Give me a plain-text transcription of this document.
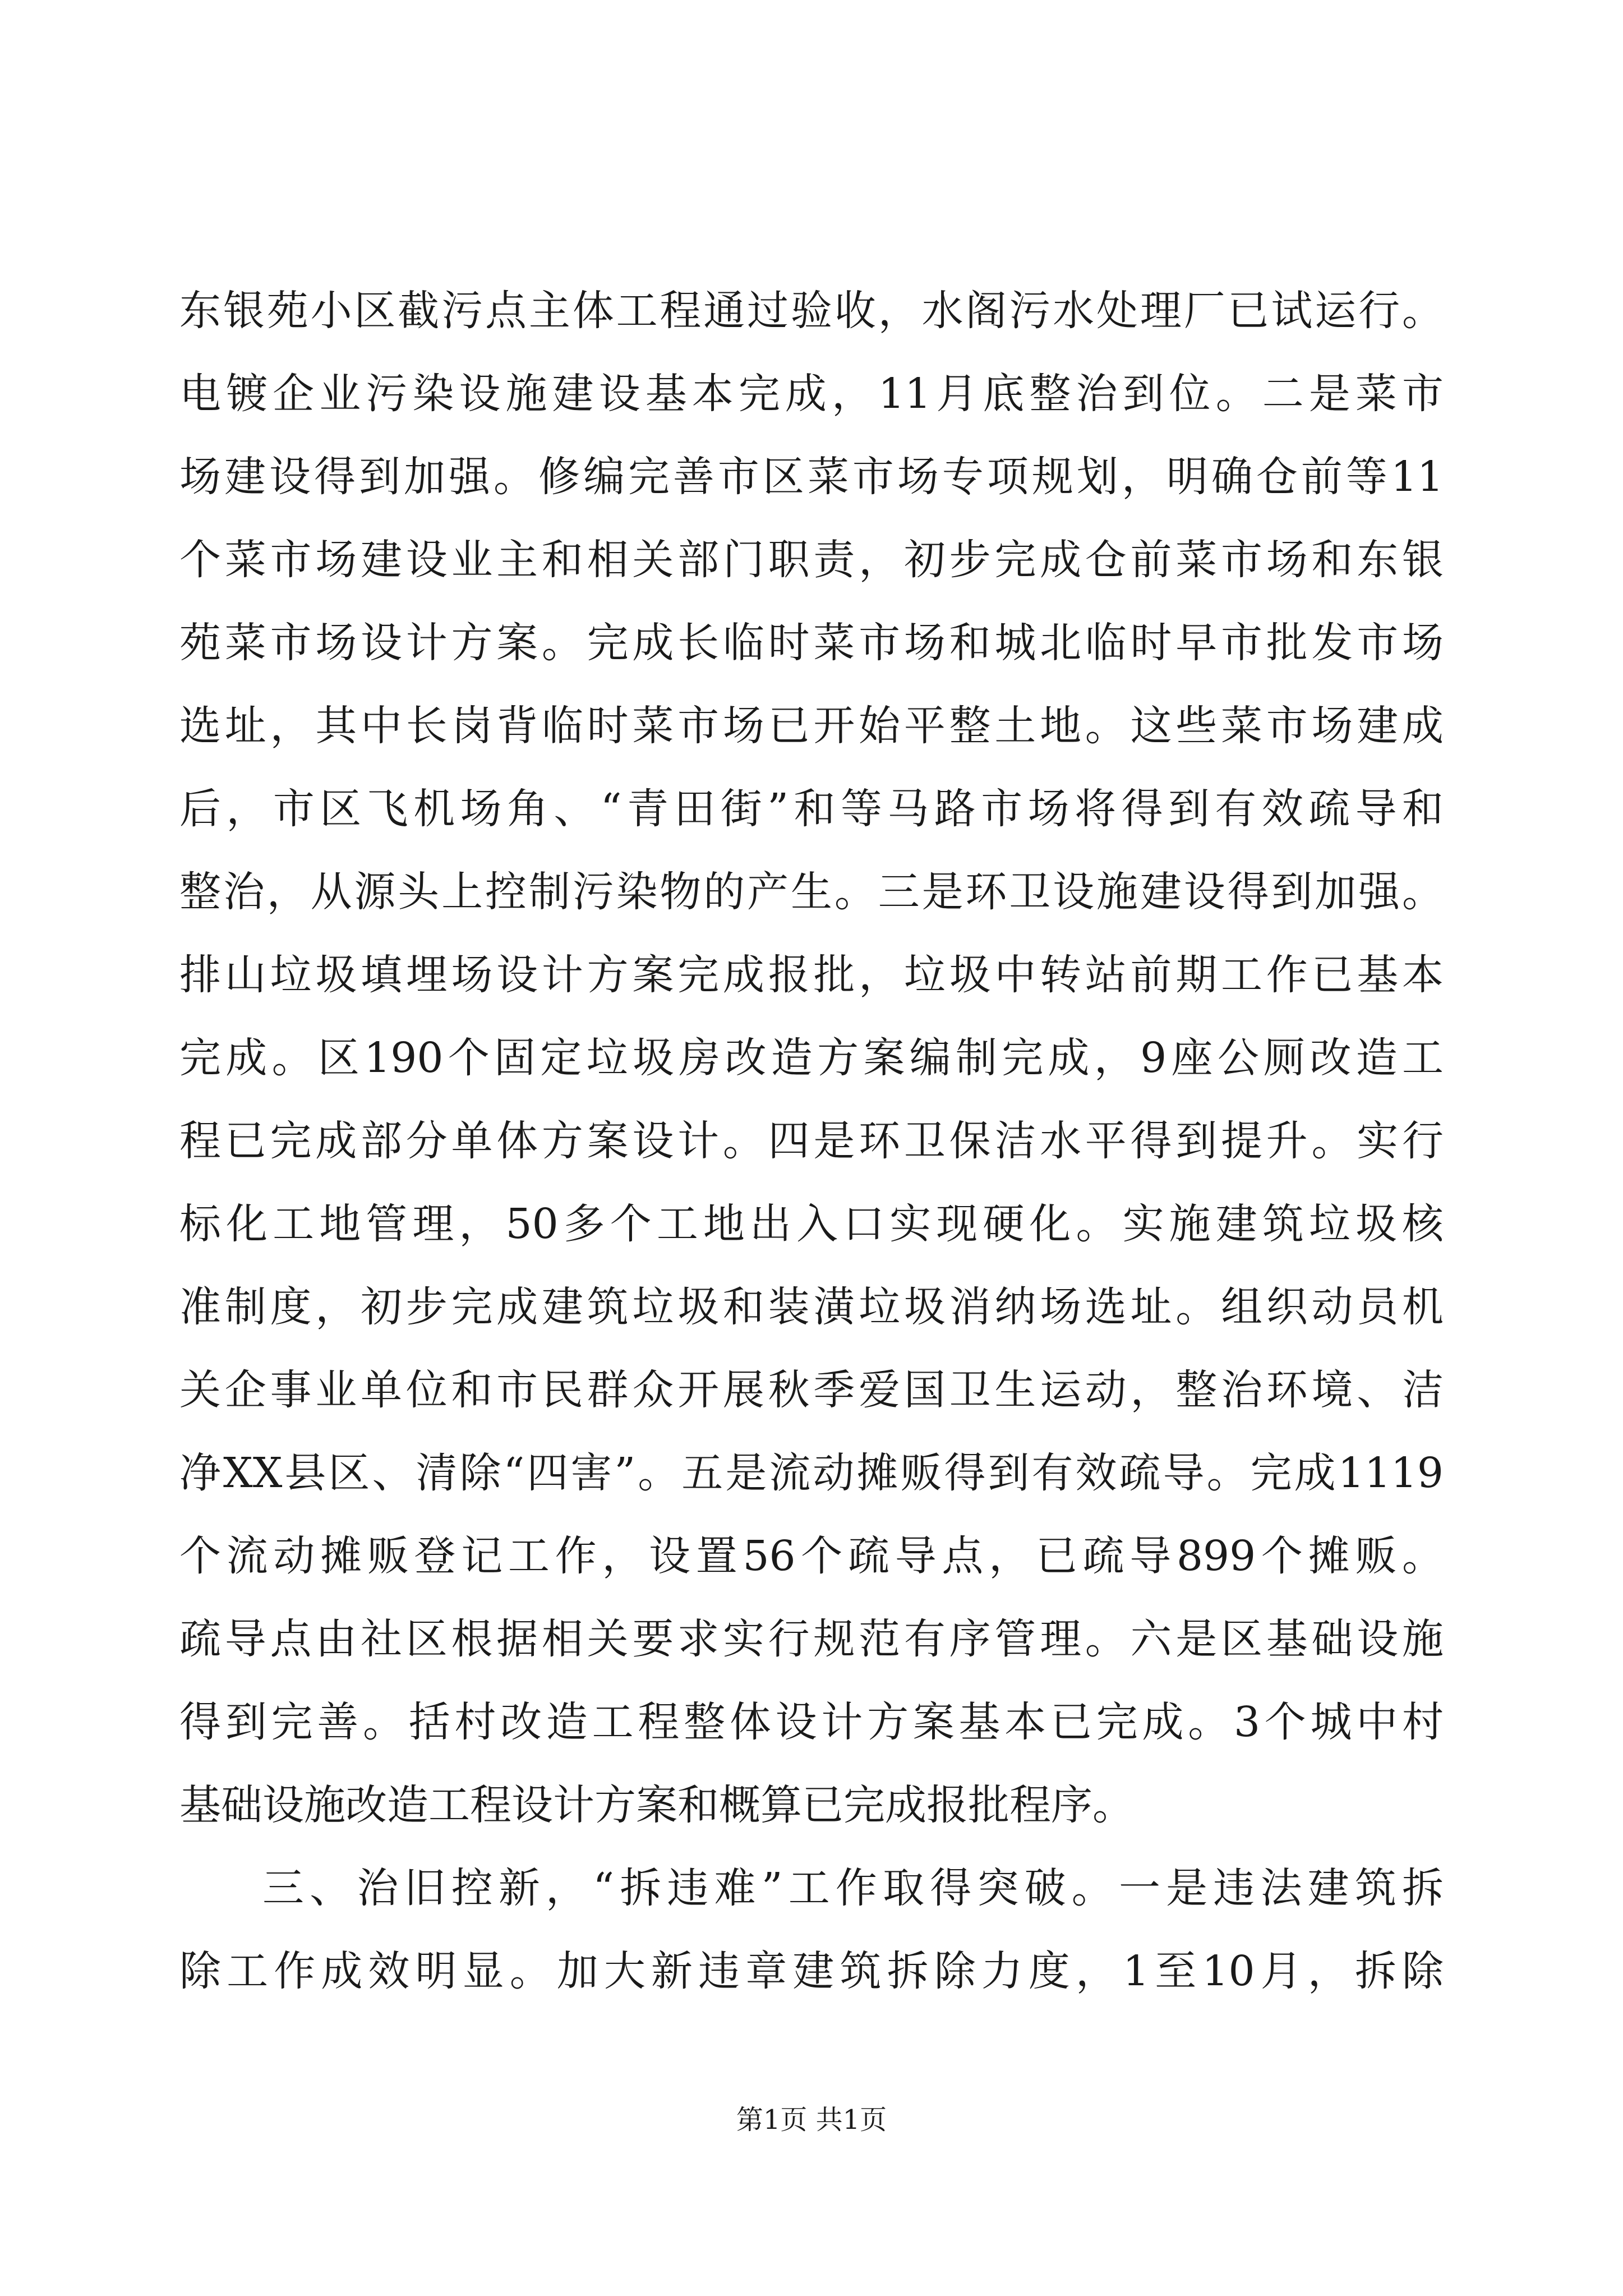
东银苑小区截污点主体工程通过验收，水阁污水处理厂已试运行。
电镀企业污染设施建设基本完成，11月底整治到位。二是菜市
场建设得到加强。修编完善市区菜市场专项规划，明确仓前等11
个菜市场建设业主和相关部门职责，初步完成仓前菜市场和东银
苑菜市场设计方案。完成长临时菜市场和城北临时早市批发市场
选址，其中长岗背临时菜市场已开始平整土地。这些菜市场建成
后，市区飞机场角、“青田街”和等马路市场将得到有效疏导和
整治，从源头上控制污染物的产生。三是环卫设施建设得到加强。
排山垃圾填埋场设计方案完成报批，垃圾中转站前期工作已基本
完成。区190个固定垃圾房改造方案编制完成，9座公厕改造工
程已完成部分单体方案设计。四是环卫保洁水平得到提升。实行
标化工地管理，50多个工地出入口实现硬化。实施建筑垃圾核
准制度，初步完成建筑垃圾和装潢垃圾消纳场选址。组织动员机
关企事业单位和市民群众开展秋季爱国卫生运动，整治环境、洁
净XX县区、清除“四害”。五是流动摊贩得到有效疏导。完成1119
个流动摊贩登记工作，设置56个疏导点，已疏导899个摊贩。
疏导点由社区根据相关要求实行规范有序管理。六是区基础设施
得到完善。括村改造工程整体设计方案基本已完成。3个城中村
基础设施改造工程设计方案和概算已完成报批程序。
三、治旧控新，“拆违难”工作取得突破。一是违法建筑拆
除工作成效明显。加大新违章建筑拆除力度，1至10月，拆除
第1页 共1页
